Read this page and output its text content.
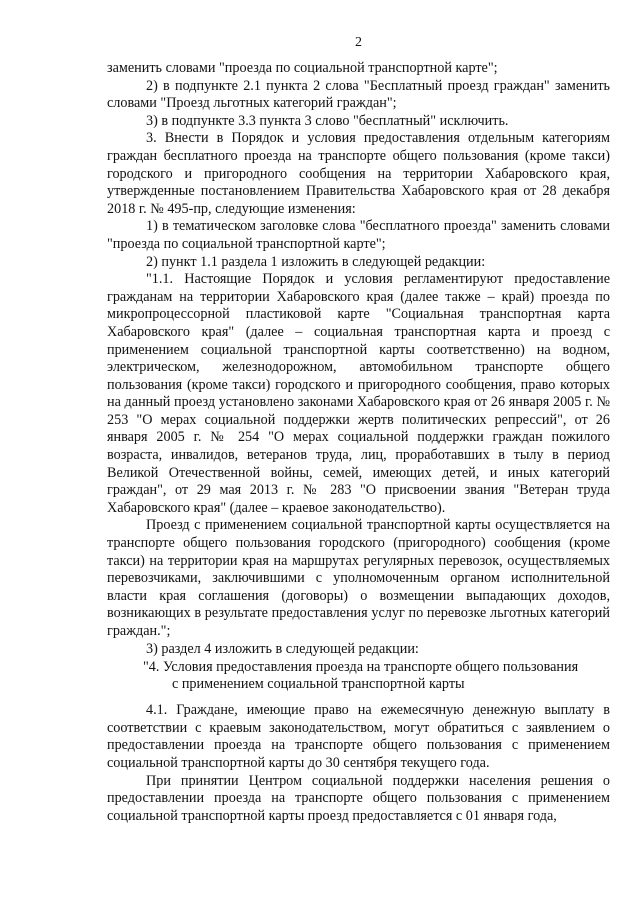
2

заменить словами "проезда по социальной транспортной карте";

2) в подпункте 2.1 пункта 2 слова "Бесплатный проезд граждан" заменить словами "Проезд льготных категорий граждан";

3) в подпункте 3.3 пункта 3 слово "бесплатный" исключить.

3. Внести в Порядок и условия предоставления отдельным категориям граждан бесплатного проезда на транспорте общего пользования (кроме такси) городского и пригородного сообщения на территории Хабаровского края, утвержденные постановлением Правительства Хабаровского края от 28 декабря 2018 г. № 495-пр, следующие изменения:

1) в тематическом заголовке слова "бесплатного проезда" заменить словами "проезда по социальной транспортной карте";

2) пункт 1.1 раздела 1 изложить в следующей редакции:

"1.1. Настоящие Порядок и условия регламентируют предоставление гражданам на территории Хабаровского края (далее также – край) проезда по микропроцессорной пластиковой карте "Социальная транспортная карта Хабаровского края" (далее – социальная транспортная карта и проезд с применением социальной транспортной карты соответственно) на водном, электрическом, железнодорожном, автомобильном транспорте общего пользования (кроме такси) городского и пригородного сообщения, право которых на данный проезд установлено законами Хабаровского края от 26 января 2005 г. № 253 "О мерах социальной поддержки жертв политических репрессий", от 26 января 2005 г. № 254 "О мерах социальной поддержки граждан пожилого возраста, инвалидов, ветеранов труда, лиц, проработавших в тылу в период Великой Отечественной войны, семей, имеющих детей, и иных категорий граждан", от 29 мая 2013 г. № 283 "О присвоении звания "Ветеран труда Хабаровского края" (далее – краевое законодательство).

Проезд с применением социальной транспортной карты осуществляется на транспорте общего пользования городского (пригородного) сообщения (кроме такси) на территории края на маршрутах регулярных перевозок, осуществляемых перевозчиками, заключившими с уполномоченным органом исполнительной власти края соглашения (договоры) о возмещении выпадающих доходов, возникающих в результате предоставления услуг по перевозке льготных категорий граждан.";

3) раздел 4 изложить в следующей редакции:

"4. Условия предоставления проезда на транспорте общего пользования
с применением социальной транспортной карты

4.1. Граждане, имеющие право на ежемесячную денежную выплату в соответствии с краевым законодательством, могут обратиться с заявлением о предоставлении проезда на транспорте общего пользования с применением социальной транспортной карты до 30 сентября текущего года.

При принятии Центром социальной поддержки населения решения о предоставлении проезда на транспорте общего пользования с применением социальной транспортной карты проезд предоставляется с 01 января года,
